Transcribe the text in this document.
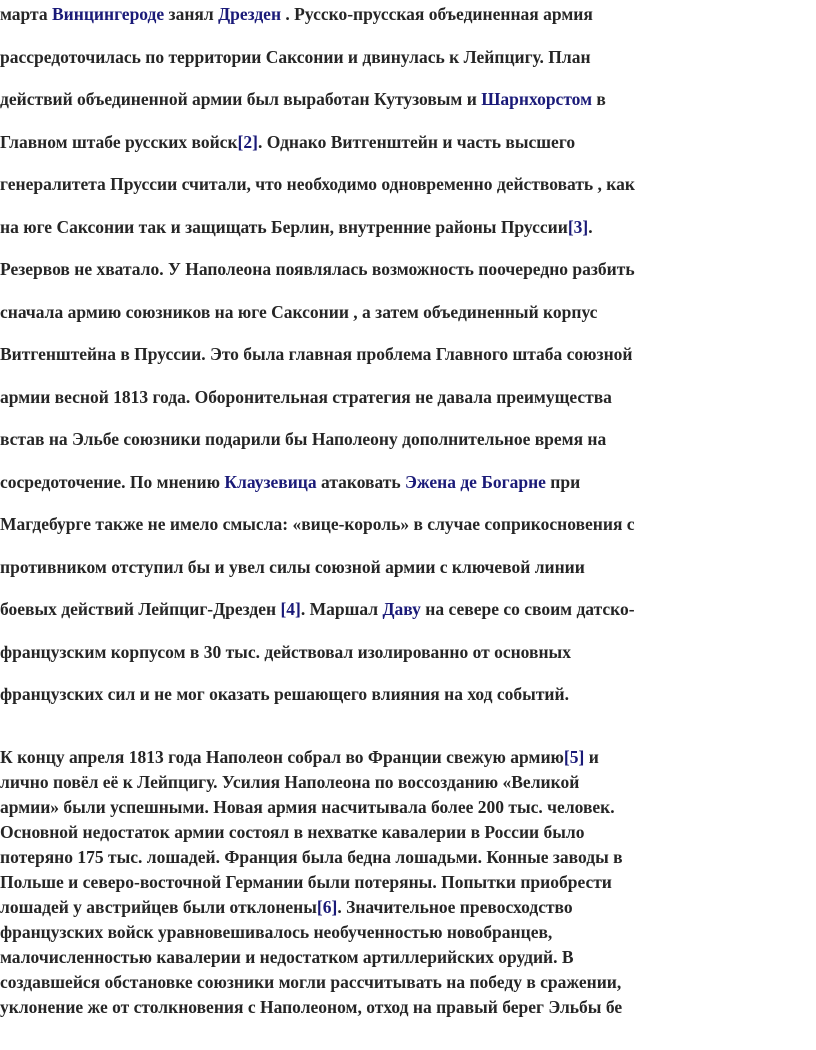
марта Винцингероде занял Дрезден . Русско-прусская объединенная армия
рассредоточилась по территории Саксонии и двинулась к Лейпцигу. План
действий объединенной армии был выработан Кутузовым и Шарнхорстом в
Главном штабе русских войск[2]. Однако Витгенштейн и часть высшего
генералитета Пруссии считали, что необходимо одновременно действовать , как
на юге Саксонии так и защищать Берлин, внутренние районы Пруссии[3].
Резервов не хватало. У Наполеона появлялась возможность поочередно разбить
сначала армию союзников на юге Саксонии , а затем объединенный корпус
Витгенштейна в Пруссии. Это была главная проблема Главного штаба союзной
армии весной 1813 года. Оборонительная стратегия не давала преимущества
встав на Эльбе союзники подарили бы Наполеону дополнительное время на
сосредоточение. По мнению Клаузевица атаковать Эжена де Богарне при
Магдебурге также не имело смысла: «вице-король» в случае соприкосновения с
противником отступил бы и увел силы союзной армии с ключевой линии
боевых действий Лейпциг-Дрезден [4]. Маршал Даву на севере со своим датско-
французским корпусом в 30 тыс. действовал изолированно от основных
французских сил и не мог оказать решающего влияния на ход событий.
К концу апреля 1813 года Наполеон собрал во Франции свежую армию[5] и
лично повёл её к Лейпцигу. Усилия Наполеона по воссозданию «Великой
армии» были успешными. Новая армия насчитывала более 200 тыс. человек.
Основной недостаток армии состоял в нехватке кавалерии в России было
потеряно 175 тыс. лошадей. Франция была бедна лошадьми. Конные заводы в
Польше и северо-восточной Германии были потеряны. Попытки приобрести
лошадей у австрийцев были отклонены[6]. Значительное превосходство
французских войск уравновешивалось необученностью новобранцев,
малочисленностью кавалерии и недостатком артиллерийских орудий. В
создавшейся обстановке союзники могли рассчитывать на победу в сражении,
уклонение же от столкновения с Наполеоном, отход на правый берег Эльбы бе
